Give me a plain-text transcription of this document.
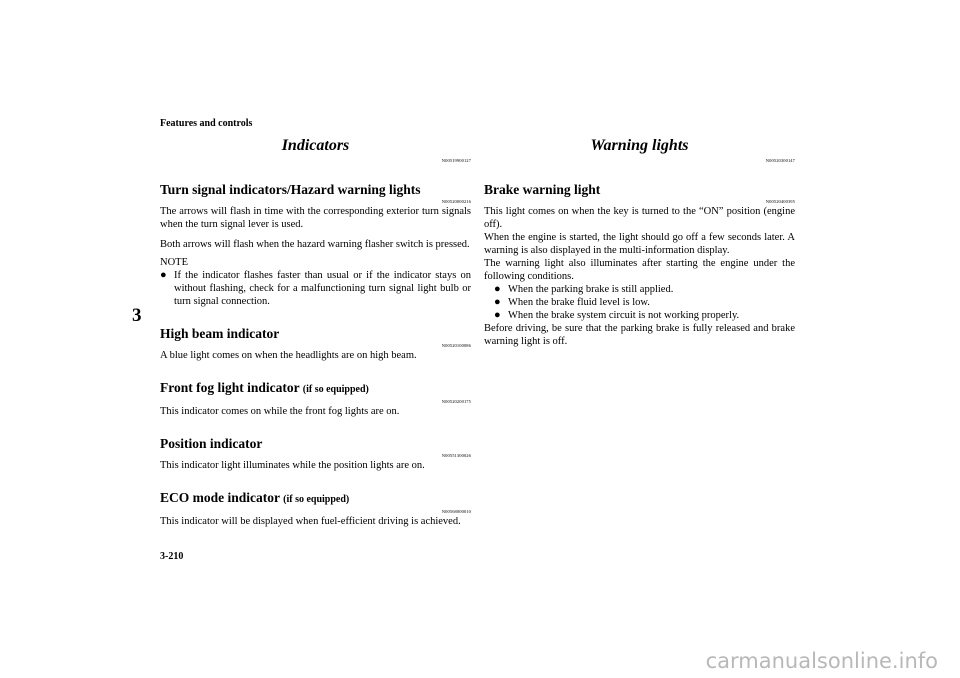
Features and controls
3
Indicators
N00519900127
Turn signal indicators/Hazard warning lights
N00520000216

The arrows will flash in time with the corresponding exterior turn signals when the turn signal lever is used.

Both arrows will flash when the hazard warning flasher switch is pressed.

NOTE
● If the indicator flashes faster than usual or if the indicator stays on without flashing, check for a malfunctioning turn signal light bulb or turn signal connection.
High beam indicator
N00520100086

A blue light comes on when the headlights are on high beam.

Front fog light indicator (if so equipped)
N00520200175

This indicator comes on while the front fog lights are on.

Position indicator
N00551300026

This indicator light illuminates while the position lights are on.

ECO mode indicator (if so equipped)
N00568000010

This indicator will be displayed when fuel-efficient driving is achieved.

Warning lights
N00520300147
Brake warning light
N00520400395

This light comes on when the key is turned to the “ON” position (engine off).

When the engine is started, the light should go off a few seconds later. A warning is also displayed in the multi-information display.

The warning light also illuminates after starting the engine under the following conditions.

● When the parking brake is still applied.
● When the brake fluid level is low.
● When the brake system circuit is not working properly.

Before driving, be sure that the parking brake is fully released and brake warning light is off.

3-210
carmanualsonline.info
